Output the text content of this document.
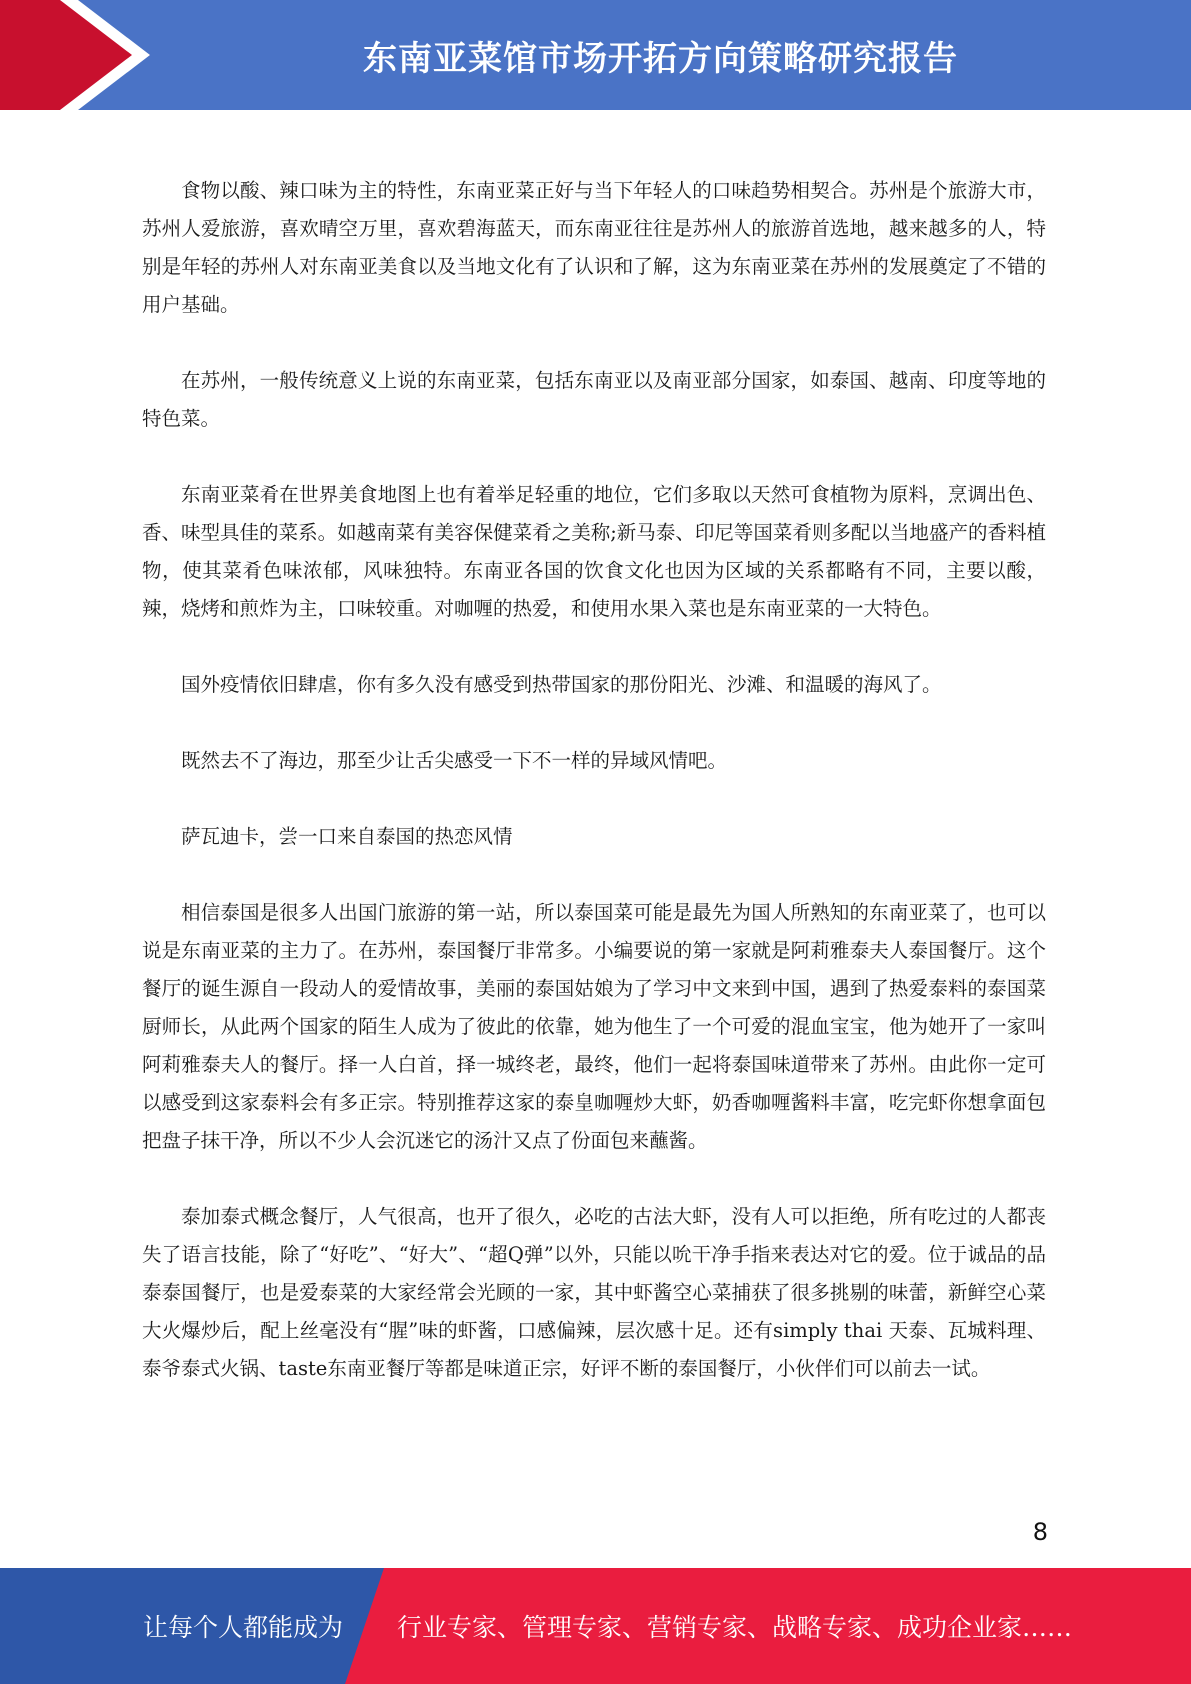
东南亚菜馆市场开拓方向策略研究报告

食物以酸、辣口味为主的特性，东南亚菜正好与当下年轻人的口味趋势相契合。苏州是个旅游大市，苏州人爱旅游，喜欢晴空万里，喜欢碧海蓝天，而东南亚往往是苏州人的旅游首选地，越来越多的人，特别是年轻的苏州人对东南亚美食以及当地文化有了认识和了解，这为东南亚菜在苏州的发展奠定了不错的用户基础。

在苏州，一般传统意义上说的东南亚菜，包括东南亚以及南亚部分国家，如泰国、越南、印度等地的特色菜。

东南亚菜肴在世界美食地图上也有着举足轻重的地位，它们多取以天然可食植物为原料，烹调出色、香、味型具佳的菜系。如越南菜有美容保健菜肴之美称;新马泰、印尼等国菜肴则多配以当地盛产的香料植物，使其菜肴色味浓郁，风味独特。东南亚各国的饮食文化也因为区域的关系都略有不同，主要以酸，辣，烧烤和煎炸为主，口味较重。对咖喱的热爱，和使用水果入菜也是东南亚菜的一大特色。

国外疫情依旧肆虐，你有多久没有感受到热带国家的那份阳光、沙滩、和温暖的海风了。

既然去不了海边，那至少让舌尖感受一下不一样的异域风情吧。

萨瓦迪卡，尝一口来自泰国的热恋风情

相信泰国是很多人出国门旅游的第一站，所以泰国菜可能是最先为国人所熟知的东南亚菜了，也可以说是东南亚菜的主力了。在苏州，泰国餐厅非常多。小编要说的第一家就是阿莉雅泰夫人泰国餐厅。这个餐厅的诞生源自一段动人的爱情故事，美丽的泰国姑娘为了学习中文来到中国，遇到了热爱泰料的泰国菜厨师长，从此两个国家的陌生人成为了彼此的依靠，她为他生了一个可爱的混血宝宝，他为她开了一家叫阿莉雅泰夫人的餐厅。择一人白首，择一城终老，最终，他们一起将泰国味道带来了苏州。由此你一定可以感受到这家泰料会有多正宗。特别推荐这家的泰皇咖喱炒大虾，奶香咖喱酱料丰富，吃完虾你想拿面包把盘子抹干净，所以不少人会沉迷它的汤汁又点了份面包来蘸酱。

泰加泰式概念餐厅，人气很高，也开了很久，必吃的古法大虾，没有人可以拒绝，所有吃过的人都丧失了语言技能，除了“好吃”、“好大”、“超Q弹”以外，只能以吮干净手指来表达对它的爱。位于诚品的品泰泰国餐厅，也是爱泰菜的大家经常会光顾的一家，其中虾酱空心菜捕获了很多挑剔的味蕾，新鲜空心菜大火爆炒后，配上丝毫没有“腥”味的虾酱，口感偏辣，层次感十足。还有simply thai 天泰、瓦城料理、泰爷泰式火锅、taste东南亚餐厅等都是味道正宗，好评不断的泰国餐厅，小伙伴们可以前去一试。

8
让每个人都能成为 行业专家、管理专家、营销专家、战略专家、成功企业家……
